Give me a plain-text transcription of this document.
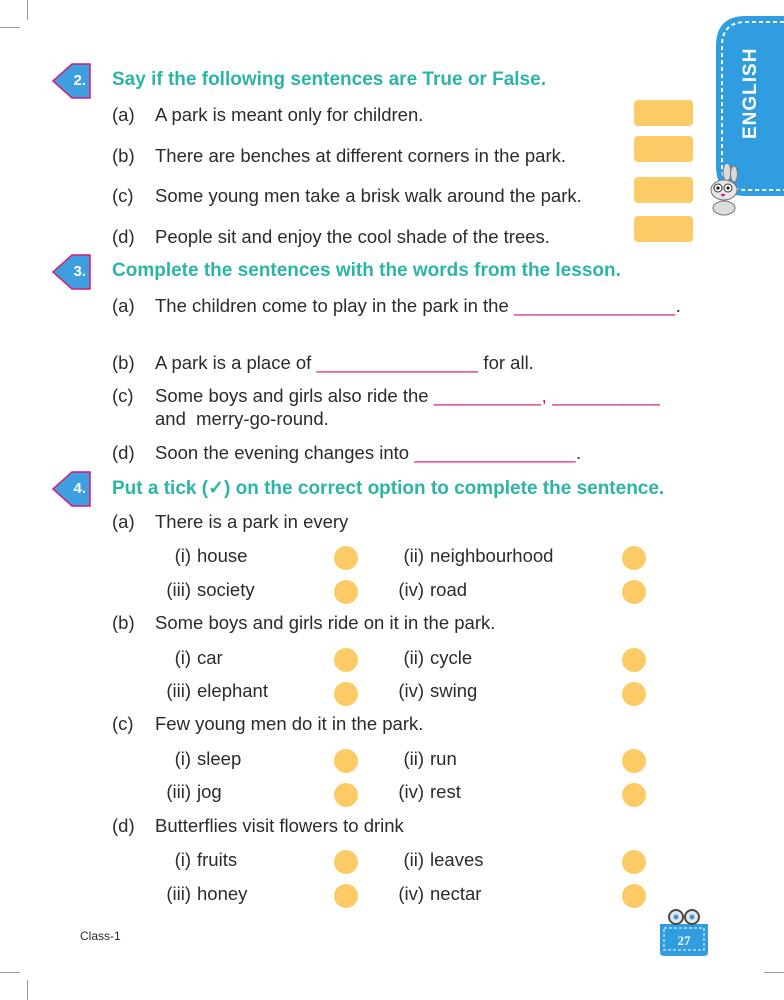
ENGLISH
2. Say if the following sentences are True or False.
(a) A park is meant only for children.
(b) There are benches at different corners in the park.
(c) Some young men take a brisk walk around the park.
(d) People sit and enjoy the cool shade of the trees.
3. Complete the sentences with the words from the lesson.
(a) The children come to play in the park in the _______________.
(b) A park is a place of _______________ for all.
(c) Some boys and girls also ride the __________, __________
and  merry-go-round.
(d) Soon the evening changes into _______________.
4. Put a tick (✓) on the correct option to complete the sentence.
(a) There is a park in every
(i) house	(ii) neighbourhood
(iii) society	(iv) road
(b) Some boys and girls ride on it in the park.
(i) car	(ii) cycle
(iii) elephant	(iv) swing
(c) Few young men do it in the park.
(i) sleep	(ii) run
(iii) jog	(iv) rest
(d) Butterflies visit flowers to drink
(i) fruits	(ii) leaves
(iii) honey	(iv) nectar
Class-1	27
